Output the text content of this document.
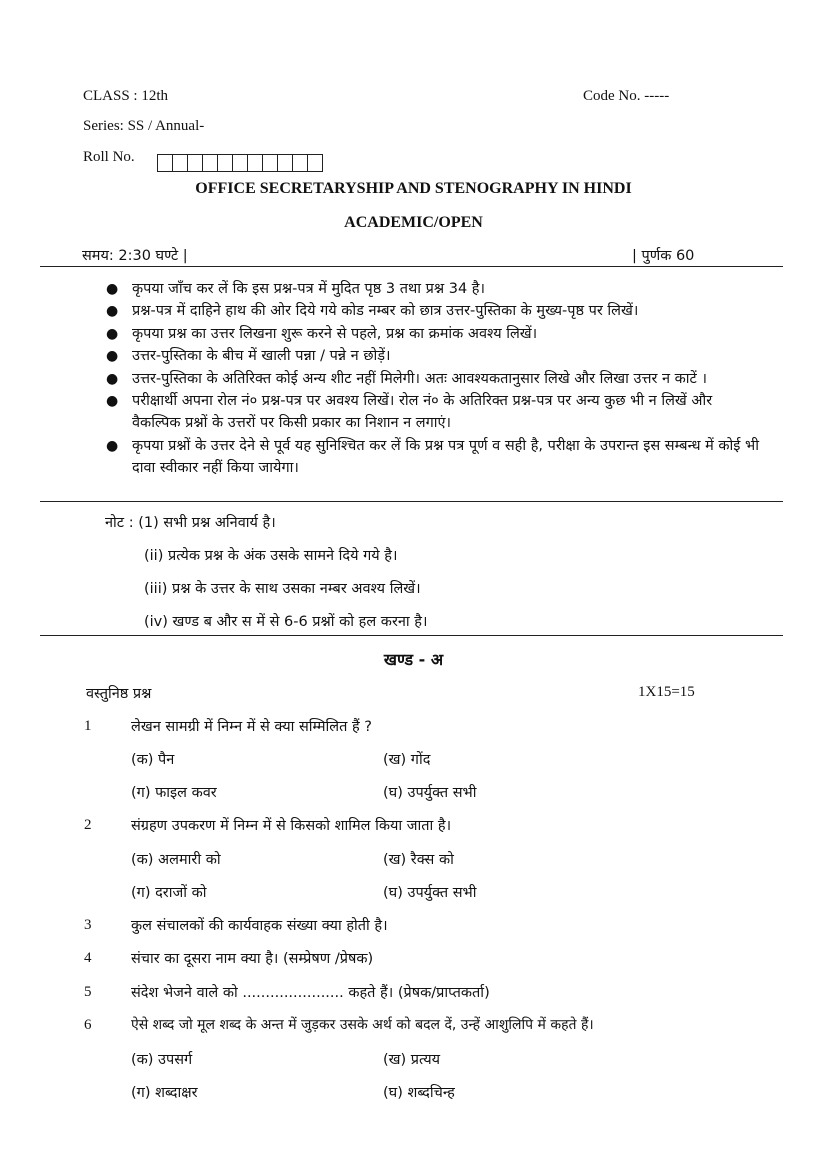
CLASS : 12th	Code No. -----
Series: SS / Annual-
Roll No.
OFFICE SECRETARYSHIP AND STENOGRAPHY IN HINDI
ACADEMIC/OPEN
समय: 2:30 घण्टे |	| पुर्णक 60
● कृपया जाँच कर लें कि इस प्रश्न-पत्र में मुदित पृष्ठ 3 तथा प्रश्न 34 है।
● प्रश्न-पत्र में दाहिने हाथ की ओर दिये गये कोड नम्बर को छात्र उत्तर-पुस्तिका के मुख्य-पृष्ठ पर लिखें।
● कृपया प्रश्न का उत्तर लिखना शुरू करने से पहले, प्रश्न का क्रमांक अवश्य लिखें।
● उत्तर-पुस्तिका के बीच में खाली पन्ना / पन्ने न छोड़ें।
● उत्तर-पुस्तिका के अतिरिक्त कोई अन्य शीट नहीं मिलेगी। अतः आवश्यकतानुसार लिखे और लिखा उत्तर न काटें ।
● परीक्षार्थी अपना रोल नं० प्रश्न-पत्र पर अवश्य लिखें। रोल नं० के अतिरिक्त प्रश्न-पत्र पर अन्य कुछ भी न लिखें और वैकल्पिक प्रश्नों के उत्तरों पर किसी प्रकार का निशान न लगाएं।
● कृपया प्रश्नों के उत्तर देने से पूर्व यह सुनिश्चित कर लें कि प्रश्न पत्र पूर्ण व सही है, परीक्षा के उपरान्त इस सम्बन्ध में कोई भी दावा स्वीकार नहीं किया जायेगा।
नोट : (1) सभी प्रश्न अनिवार्य है।
(ii) प्रत्येक प्रश्न के अंक उसके सामने दिये गये है।
(iii) प्रश्न के उत्तर के साथ उसका नम्बर अवश्य लिखें।
(iv) खण्ड ब और स में से 6-6 प्रश्नों को हल करना है।
खण्ड - अ
वस्तुनिष्ठ प्रश्न	1X15=15
1	लेखन सामग्री में निम्न में से क्या सम्मिलित हैं ?
(क) पैन	(ख) गोंद
(ग) फाइल कवर	(घ) उपर्युक्त सभी
2	संग्रहण उपकरण में निम्न में से किसको शामिल किया जाता है।
(क) अलमारी को	(ख) रैक्स को
(ग) दराजों को	(घ) उपर्युक्त सभी
3	कुल संचालकों की कार्यवाहक संख्या क्या होती है।
4	संचार का दूसरा नाम क्या है। (सम्प्रेषण /प्रेषक)
5	संदेश भेजने वाले को ...................... कहते हैं। (प्रेषक/प्राप्तकर्ता)
6	ऐसे शब्द जो मूल शब्द के अन्त में जुड़कर उसके अर्थ को बदल दें, उन्हें आशुलिपि में कहते हैं।
(क) उपसर्ग	(ख) प्रत्यय
(ग) शब्दाक्षर	(घ) शब्दचिन्ह
